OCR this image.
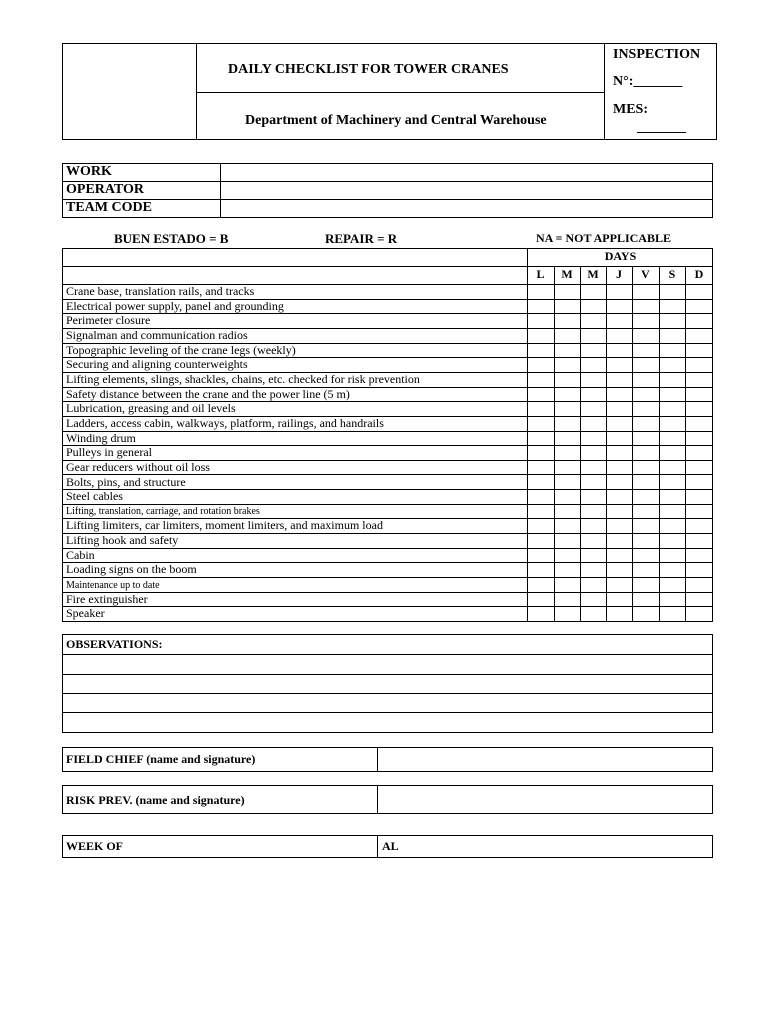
DAILY CHECKLIST FOR TOWER CRANES
Department of Machinery and Central Warehouse
INSPECTION
N°:_______
MES:
_______
WORK
OPERATOR
TEAM CODE
BUEN ESTADO = B	REPAIR = R	NA = NOT APPLICABLE
DAYS
L	M	M	J	V	S	D
Crane base, translation rails, and tracks
Electrical power supply, panel and grounding
Perimeter closure
Signalman and communication radios
Topographic leveling of the crane legs (weekly)
Securing and aligning counterweights
Lifting elements, slings, shackles, chains, etc. checked for risk prevention
Safety distance between the crane and the power line (5 m)
Lubrication, greasing and oil levels
Ladders, access cabin, walkways, platform, railings, and handrails
Winding drum
Pulleys in general
Gear reducers without oil loss
Bolts, pins, and structure
Steel cables
Lifting, translation, carriage, and rotation brakes
Lifting limiters, car limiters, moment limiters, and maximum load
Lifting hook and safety
Cabin
Loading signs on the boom
Maintenance up to date
Fire extinguisher
Speaker
OBSERVATIONS:
FIELD CHIEF (name and signature)
RISK PREV. (name and signature)
WEEK OF	AL
